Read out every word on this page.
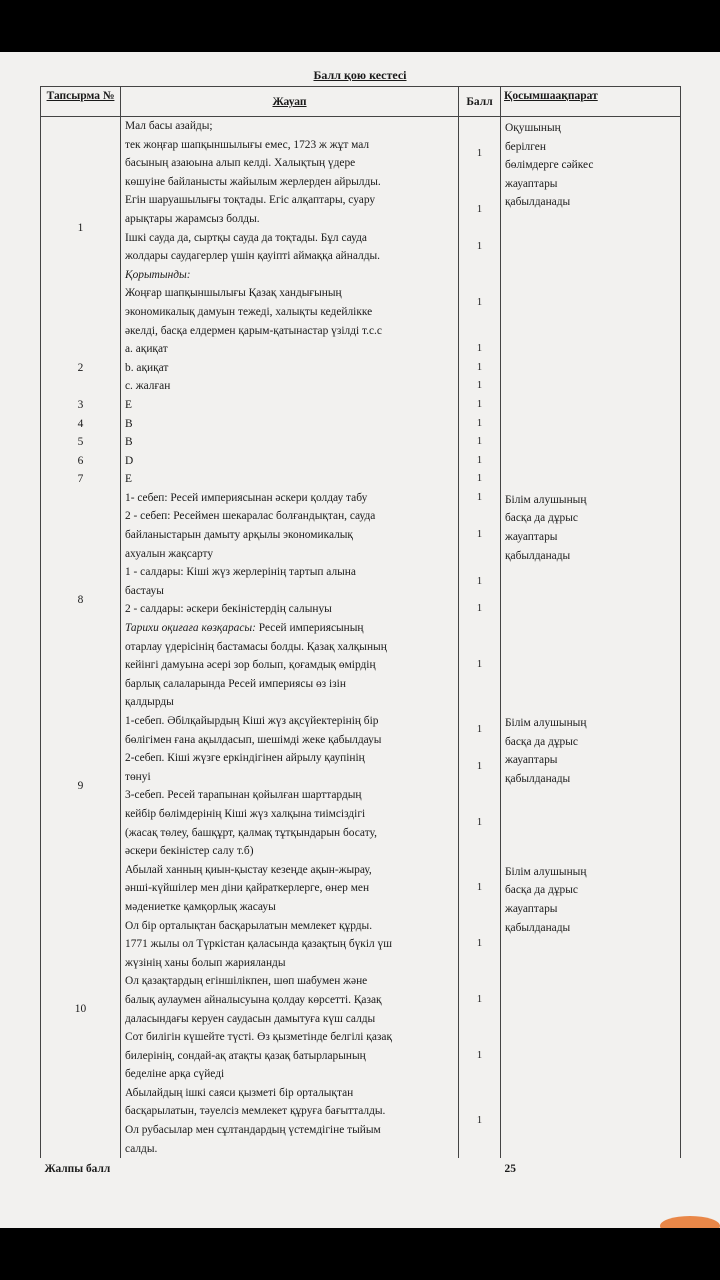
Балл қою кестесі
Тапсырма №	Жауап	Балл	Қосымшаақпарат
1	Мал басы азайды;
тек жоңғар шапқыншылығы емес, 1723 ж жұт мал
басының азаюына алып келді. Халықтың үдере
көшуіне байланысты жайылым жерлерден айрылды.	1	Оқушының
берілген
бөлімдерге сәйкес
жауаптары
қабылданады

	Егін шаруашылығы тоқтады. Егіс алқаптары, суару
арықтары жарамсыз болды.	1	

	Ішкі сауда да, сыртқы сауда да тоқтады. Бұл сауда
жолдары саудагерлер үшін қауіпті аймаққа айналды.	1	

	Қорытынды:
Жоңғар шапқыншылығы Қазақ хандығының
экономикалық дамуын тежеді, халықты кедейлікке
әкелді, басқа елдермен қарым-қатынастар үзілді т.с.с	1	
2	a. ақиқат	1	

	b. ақиқат	1	

	c. жалған	1	
3	E	1	
4	B	1	
5	B	1	
6	D	1	
7	E	1	
8	1- себеп: Ресей империясынан әскери қолдау табу	1	Білім алушының
басқа да дұрыс
жауаптары
қабылданады

	2 - себеп: Ресеймен шекаралас болғандықтан, сауда
байланыстарын дамыту арқылы экономикалық
ахуалын жақсарту	1	

	1 - салдары: Кіші жүз жерлерінің тартып алына
бастауы	1	

	2 - салдары: әскери бекіністердің салынуы	1	

	Тарихи оқиғаға көзқарасы: Ресей империясының
отарлау үдерісінің бастамасы болды. Қазақ халқының
кейінгі дамуына әсері зор болып, қоғамдық өмірдің
барлық салаларында Ресей империясы өз ізін
қалдырды	1	
9	1-себеп. Әбілқайырдың Кіші жүз ақсүйектерінің бір
бөлігімен ғана ақылдасып, шешімді жеке қабылдауы	1	Білім алушының
басқа да дұрыс
жауаптары
қабылданады

	2-себеп. Кіші жүзге еркіндігінен айрылу қаупінің
төнуі	1	

	3-себеп. Ресей тарапынан қойылған шарттардың
кейбір бөлімдерінің Кіші жүз халқына тиімсіздігі
(жасақ төлеу, башқұрт, қалмақ тұтқындарын босату,
әскери бекіністер салу т.б)	1	
10	Абылай ханның қиын-қыстау кезеңде ақын-жырау,
әнші-күйшілер мен діни қайраткерлерге, өнер мен
мәдениетке қамқорлық жасауы	1	Білім алушының
басқа да дұрыс
жауаптары
қабылданады

	Ол бір орталықтан басқарылатын мемлекет құрды.
1771 жылы ол Түркістан қаласында қазақтың бүкіл үш
жүзінің ханы болып жарияланды	1	

	Ол қазақтардың егіншілікпен, шөп шабумен және
балық аулаумен айналысуына қолдау көрсетті. Қазақ
даласындағы керуен саудасын дамытуға күш салды	1	

	Сот билігін күшейте түсті. Өз қызметінде белгілі қазақ
билерінің, сондай-ақ атақты қазақ батырларының
беделіне арқа сүйеді	1	

	Абылайдың ішкі саяси қызметі бір орталықтан
басқарылатын, тәуелсіз мемлекет құруға бағытталды.
Ол рубасылар мен сұлтандардың үстемдігіне тыйым
салды.	1	
Жалпы балл			25
